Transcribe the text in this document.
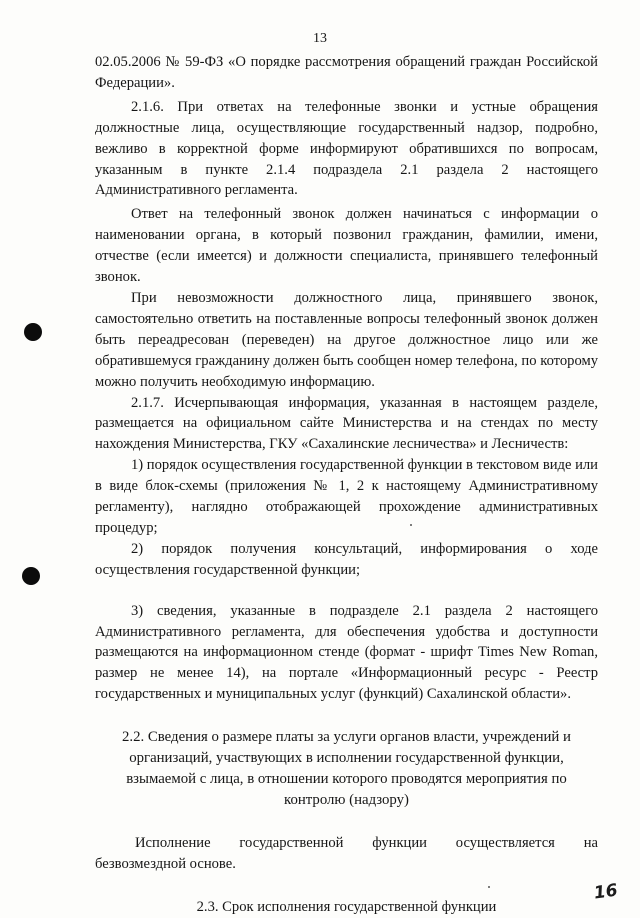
13

02.05.2006 № 59-ФЗ «О порядке рассмотрения обращений граждан Российской Федерации».

2.1.6. При ответах на телефонные звонки и устные обращения должностные лица, осуществляющие государственный надзор, подробно, вежливо в корректной форме информируют обратившихся по вопросам, указанным в пункте 2.1.4 подраздела 2.1 раздела 2 настоящего Административного регламента.

Ответ на телефонный звонок должен начинаться с информации о наименовании органа, в который позвонил гражданин, фамилии, имени, отчестве (если имеется) и должности специалиста, принявшего телефонный звонок.

При невозможности должностного лица, принявшего звонок, самостоятельно ответить на поставленные вопросы телефонный звонок должен быть переадресован (переведен) на другое должностное лицо или же обратившемуся гражданину должен быть сообщен номер телефона, по которому можно получить необходимую информацию.

2.1.7. Исчерпывающая информация, указанная в настоящем разделе, размещается на официальном сайте Министерства и на стендах по месту нахождения Министерства, ГКУ «Сахалинские лесничества» и Лесничеств:

1) порядок осуществления государственной функции в текстовом виде или в виде блок-схемы (приложения № 1, 2 к настоящему Административному регламенту), наглядно отображающей прохождение административных процедур;

2) порядок получения консультаций, информирования о ходе осуществления государственной функции;

3) сведения, указанные в подразделе 2.1 раздела 2 настоящего Административного регламента, для обеспечения удобства и доступности размещаются на информационном стенде (формат - шрифт Times New Roman, размер не менее 14), на портале «Информационный ресурс - Реестр государственных и муниципальных услуг (функций) Сахалинской области».

2.2. Сведения о размере платы за услуги органов власти, учреждений и организаций, участвующих в исполнении государственной функции, взымаемой с лица, в отношении которого проводятся мероприятия по контролю (надзору)

Исполнение государственной функции осуществляется на

безвозмездной основе.

2.3. Срок исполнения государственной функции

16
